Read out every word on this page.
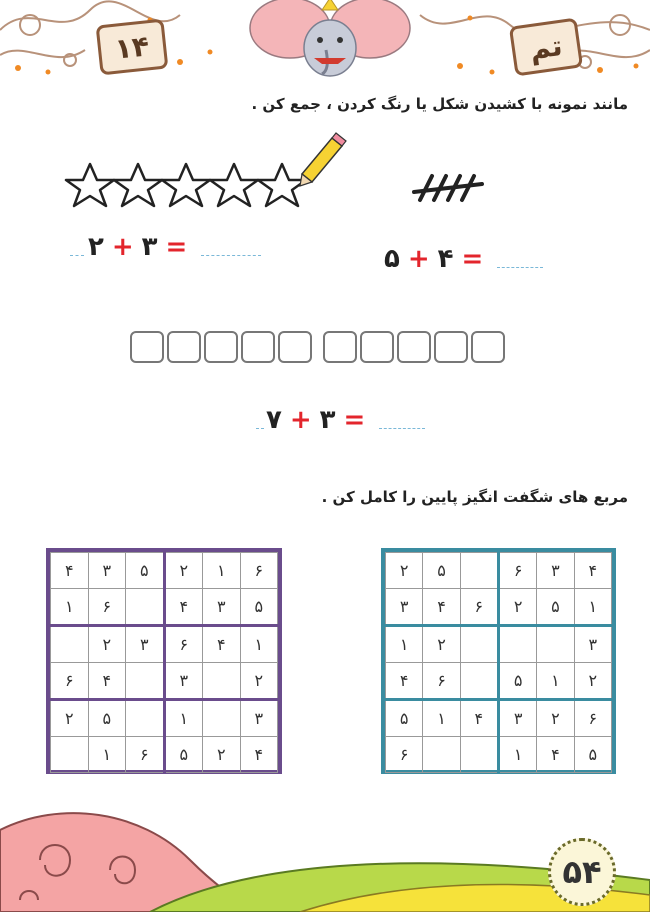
۱۴	تم
مانند نمونه با کشیدن شکل یا رنگ کردن ، جمع کن .
۲ + ۳ =	۵ + ۴ =
۷ + ۳ =
مربع های شگفت انگیز پایین را کامل کن .
۴	۳	۵	۲	۱	۶
۱	۶		۴	۳	۵
	۲	۳	۶	۴	۱
۶	۴		۳		۲
۲	۵		۱		۳
	۱	۶	۵	۲	۴
۲	۵		۶	۳	۴
۳	۴	۶	۲	۵	۱
۱	۲				۳
۴	۶		۵	۱	۲
۵	۱	۴	۳	۲	۶
۶			۱	۴	۵
۵۴
